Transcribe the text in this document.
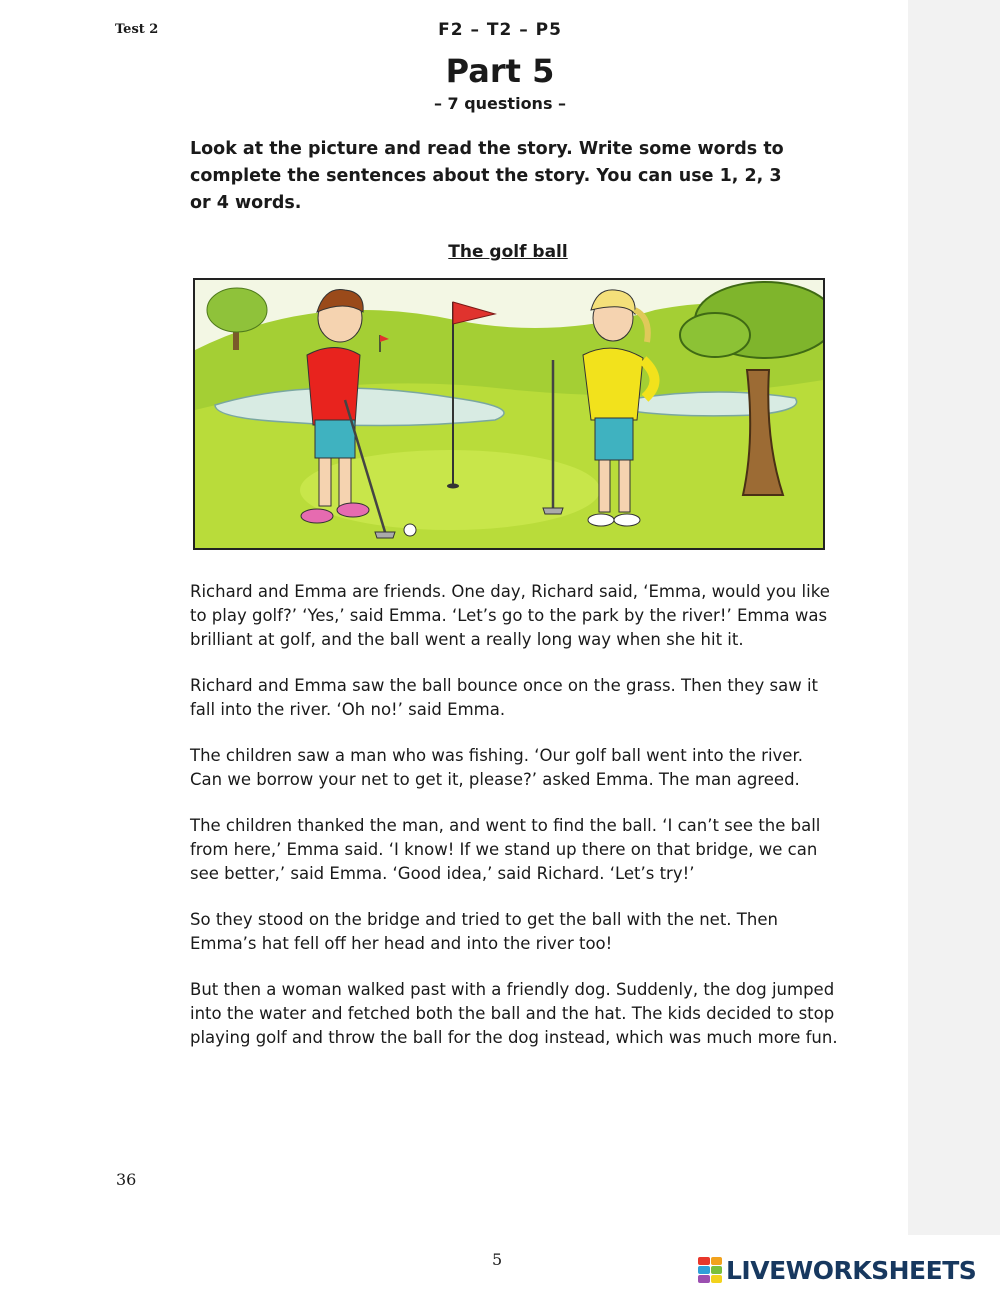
Test 2	F2 – T2 – P5
Part 5
– 7 questions –
Look at the picture and read the story. Write some words to complete the sentences about the story. You can use 1, 2, 3 or 4 words.
The golf ball

Richard and Emma are friends. One day, Richard said, ‘Emma, would you like to play golf?’ ‘Yes,’ said Emma. ‘Let’s go to the park by the river!’ Emma was brilliant at golf, and the ball went a really long way when she hit it.

Richard and Emma saw the ball bounce once on the grass. Then they saw it fall into the river. ‘Oh no!’ said Emma.

The children saw a man who was fishing. ‘Our golf ball went into the river. Can we borrow your net to get it, please?’ asked Emma. The man agreed.

The children thanked the man, and went to find the ball. ‘I can’t see the ball from here,’ Emma said. ‘I know! If we stand up there on that bridge, we can see better,’ said Emma. ‘Good idea,’ said Richard. ‘Let’s try!’

So they stood on the bridge and tried to get the ball with the net. Then Emma’s hat fell off her head and into the river too!

But then a woman walked past with a friendly dog. Suddenly, the dog jumped into the water and fetched both the ball and the hat. The kids decided to stop playing golf and throw the ball for the dog instead, which was much more fun.

36
5	LIVEWORKSHEETS
